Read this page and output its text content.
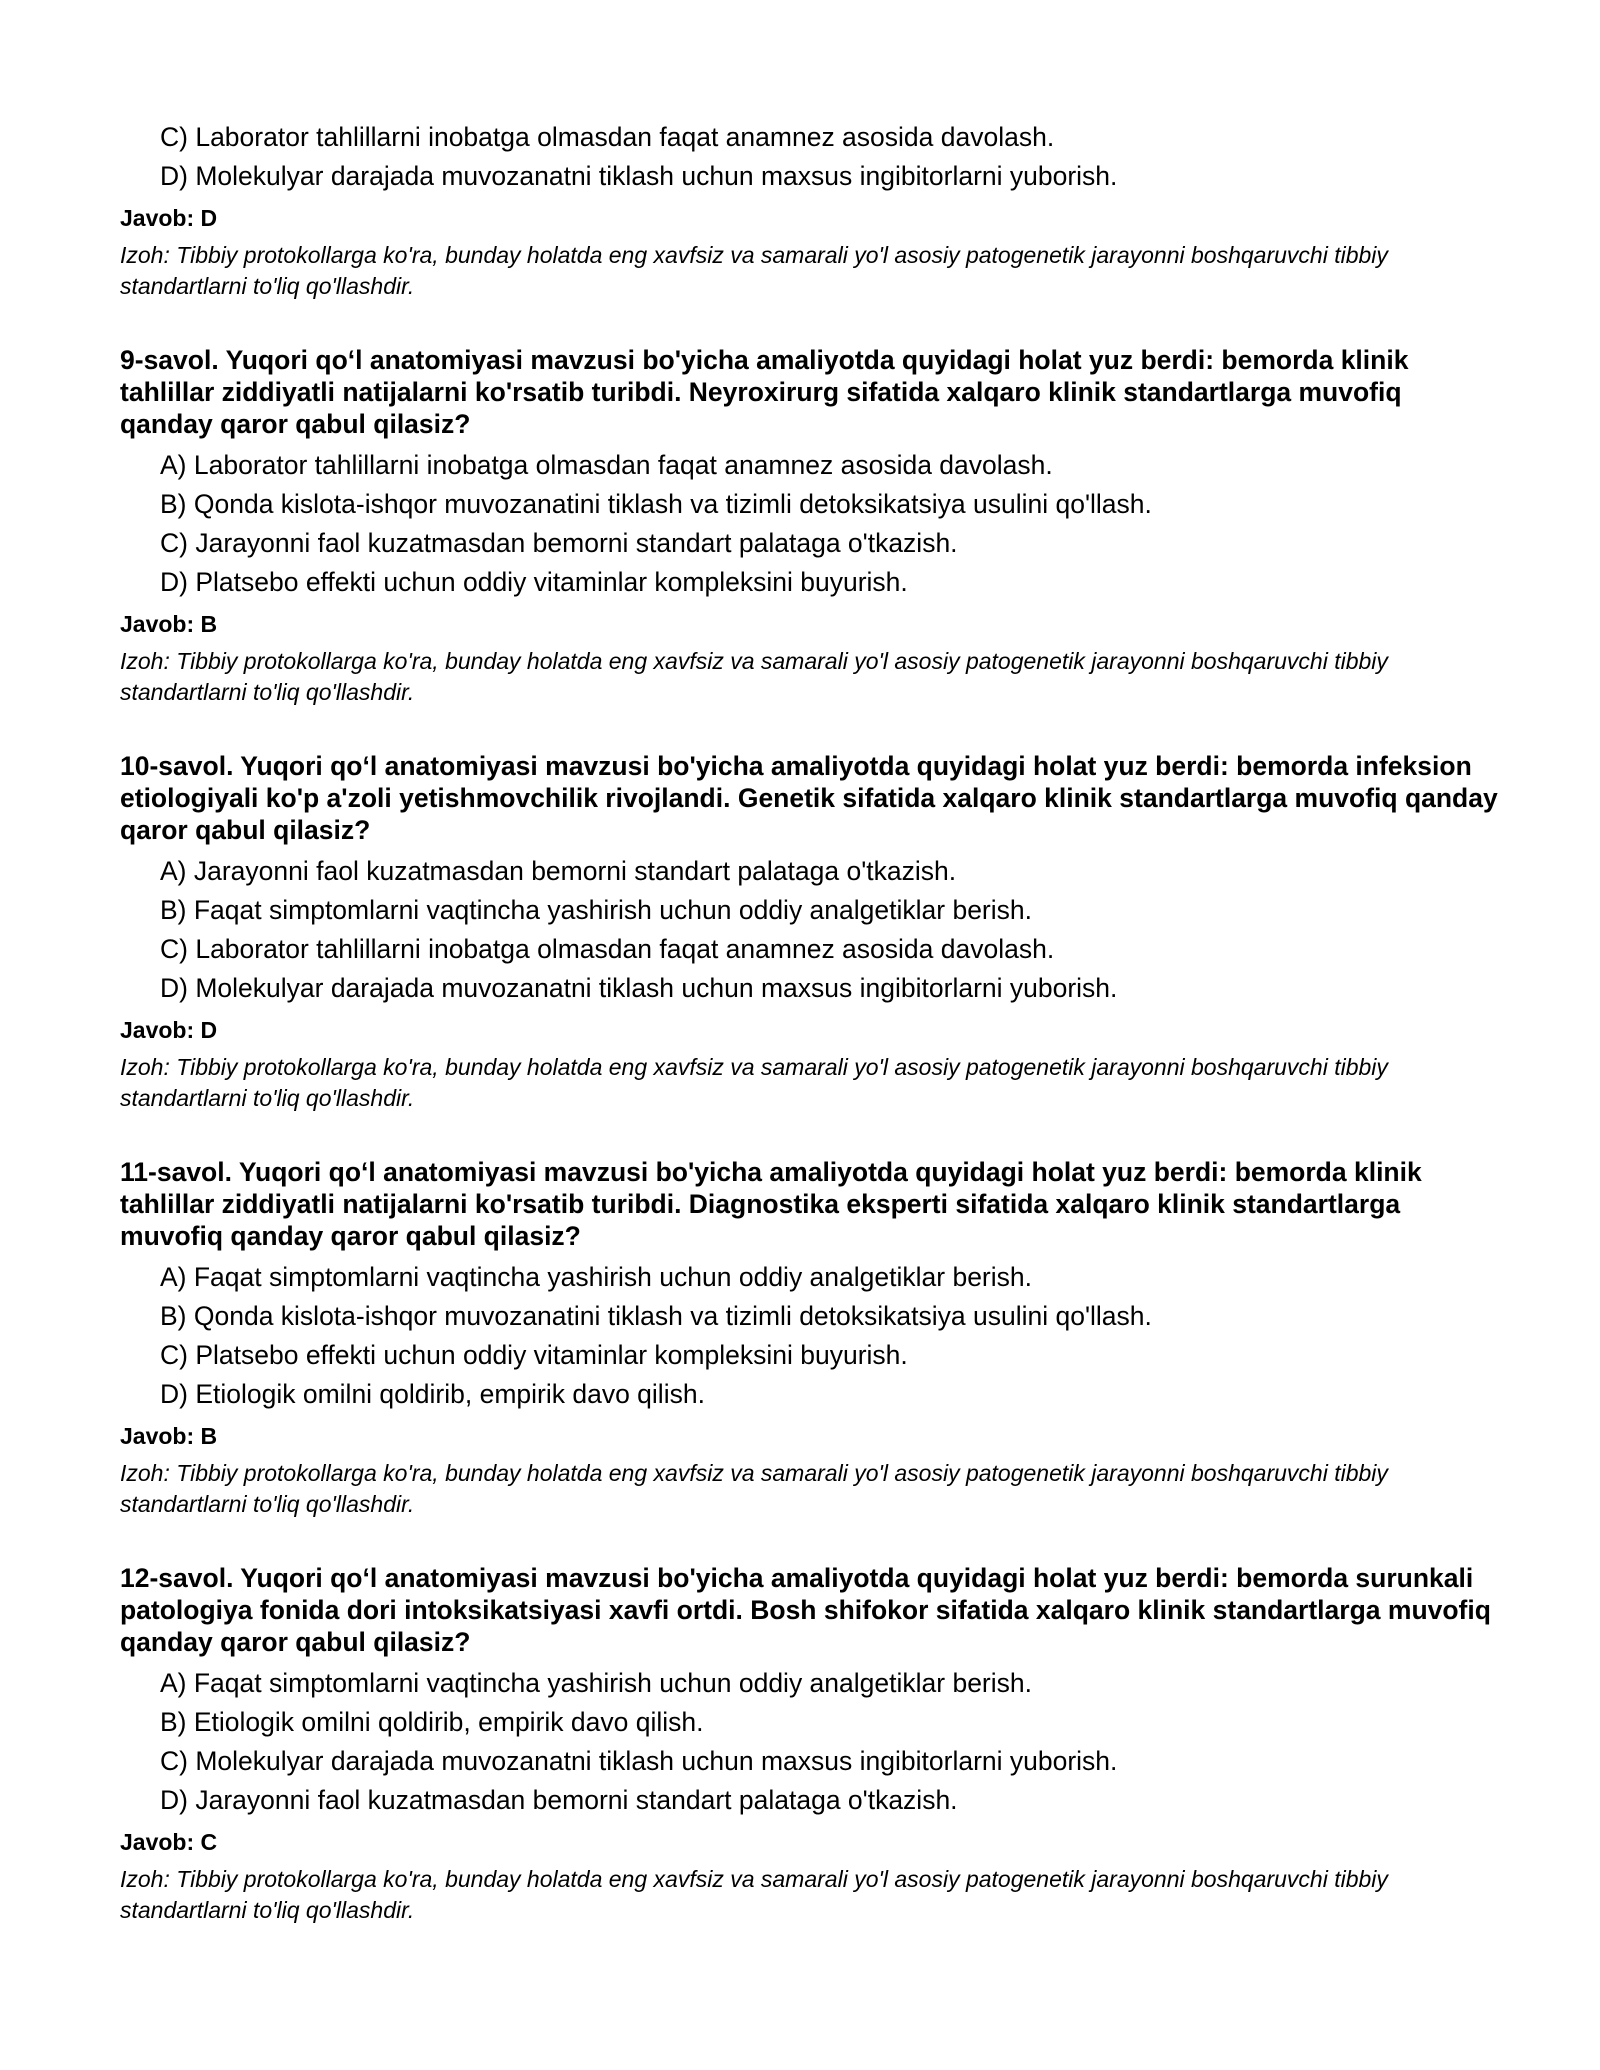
C) Laborator tahlillarni inobatga olmasdan faqat anamnez asosida davolash.
D) Molekulyar darajada muvozanatni tiklash uchun maxsus ingibitorlarni yuborish.
Javob: D
Izoh: Tibbiy protokollarga ko'ra, bunday holatda eng xavfsiz va samarali yo'l asosiy patogenetik jarayonni boshqaruvchi tibbiy standartlarni to'liq qo'llashdir.
9-savol. Yuqori qo‘l anatomiyasi mavzusi bo'yicha amaliyotda quyidagi holat yuz berdi: bemorda klinik tahlillar ziddiyatli natijalarni ko'rsatib turibdi. Neyroxirurg sifatida xalqaro klinik standartlarga muvofiq qanday qaror qabul qilasiz?
A) Laborator tahlillarni inobatga olmasdan faqat anamnez asosida davolash.
B) Qonda kislota-ishqor muvozanatini tiklash va tizimli detoksikatsiya usulini qo'llash.
C) Jarayonni faol kuzatmasdan bemorni standart palataga o'tkazish.
D) Platsebo effekti uchun oddiy vitaminlar kompleksini buyurish.
Javob: B
Izoh: Tibbiy protokollarga ko'ra, bunday holatda eng xavfsiz va samarali yo'l asosiy patogenetik jarayonni boshqaruvchi tibbiy standartlarni to'liq qo'llashdir.
10-savol. Yuqori qo‘l anatomiyasi mavzusi bo'yicha amaliyotda quyidagi holat yuz berdi: bemorda infeksion etiologiyali ko'p a'zoli yetishmovchilik rivojlandi. Genetik sifatida xalqaro klinik standartlarga muvofiq qanday qaror qabul qilasiz?
A) Jarayonni faol kuzatmasdan bemorni standart palataga o'tkazish.
B) Faqat simptomlarni vaqtincha yashirish uchun oddiy analgetiklar berish.
C) Laborator tahlillarni inobatga olmasdan faqat anamnez asosida davolash.
D) Molekulyar darajada muvozanatni tiklash uchun maxsus ingibitorlarni yuborish.
Javob: D
Izoh: Tibbiy protokollarga ko'ra, bunday holatda eng xavfsiz va samarali yo'l asosiy patogenetik jarayonni boshqaruvchi tibbiy standartlarni to'liq qo'llashdir.
11-savol. Yuqori qo‘l anatomiyasi mavzusi bo'yicha amaliyotda quyidagi holat yuz berdi: bemorda klinik tahlillar ziddiyatli natijalarni ko'rsatib turibdi. Diagnostika eksperti sifatida xalqaro klinik standartlarga muvofiq qanday qaror qabul qilasiz?
A) Faqat simptomlarni vaqtincha yashirish uchun oddiy analgetiklar berish.
B) Qonda kislota-ishqor muvozanatini tiklash va tizimli detoksikatsiya usulini qo'llash.
C) Platsebo effekti uchun oddiy vitaminlar kompleksini buyurish.
D) Etiologik omilni qoldirib, empirik davo qilish.
Javob: B
Izoh: Tibbiy protokollarga ko'ra, bunday holatda eng xavfsiz va samarali yo'l asosiy patogenetik jarayonni boshqaruvchi tibbiy standartlarni to'liq qo'llashdir.
12-savol. Yuqori qo‘l anatomiyasi mavzusi bo'yicha amaliyotda quyidagi holat yuz berdi: bemorda surunkali patologiya fonida dori intoksikatsiyasi xavfi ortdi. Bosh shifokor sifatida xalqaro klinik standartlarga muvofiq qanday qaror qabul qilasiz?
A) Faqat simptomlarni vaqtincha yashirish uchun oddiy analgetiklar berish.
B) Etiologik omilni qoldirib, empirik davo qilish.
C) Molekulyar darajada muvozanatni tiklash uchun maxsus ingibitorlarni yuborish.
D) Jarayonni faol kuzatmasdan bemorni standart palataga o'tkazish.
Javob: C
Izoh: Tibbiy protokollarga ko'ra, bunday holatda eng xavfsiz va samarali yo'l asosiy patogenetik jarayonni boshqaruvchi tibbiy standartlarni to'liq qo'llashdir.
